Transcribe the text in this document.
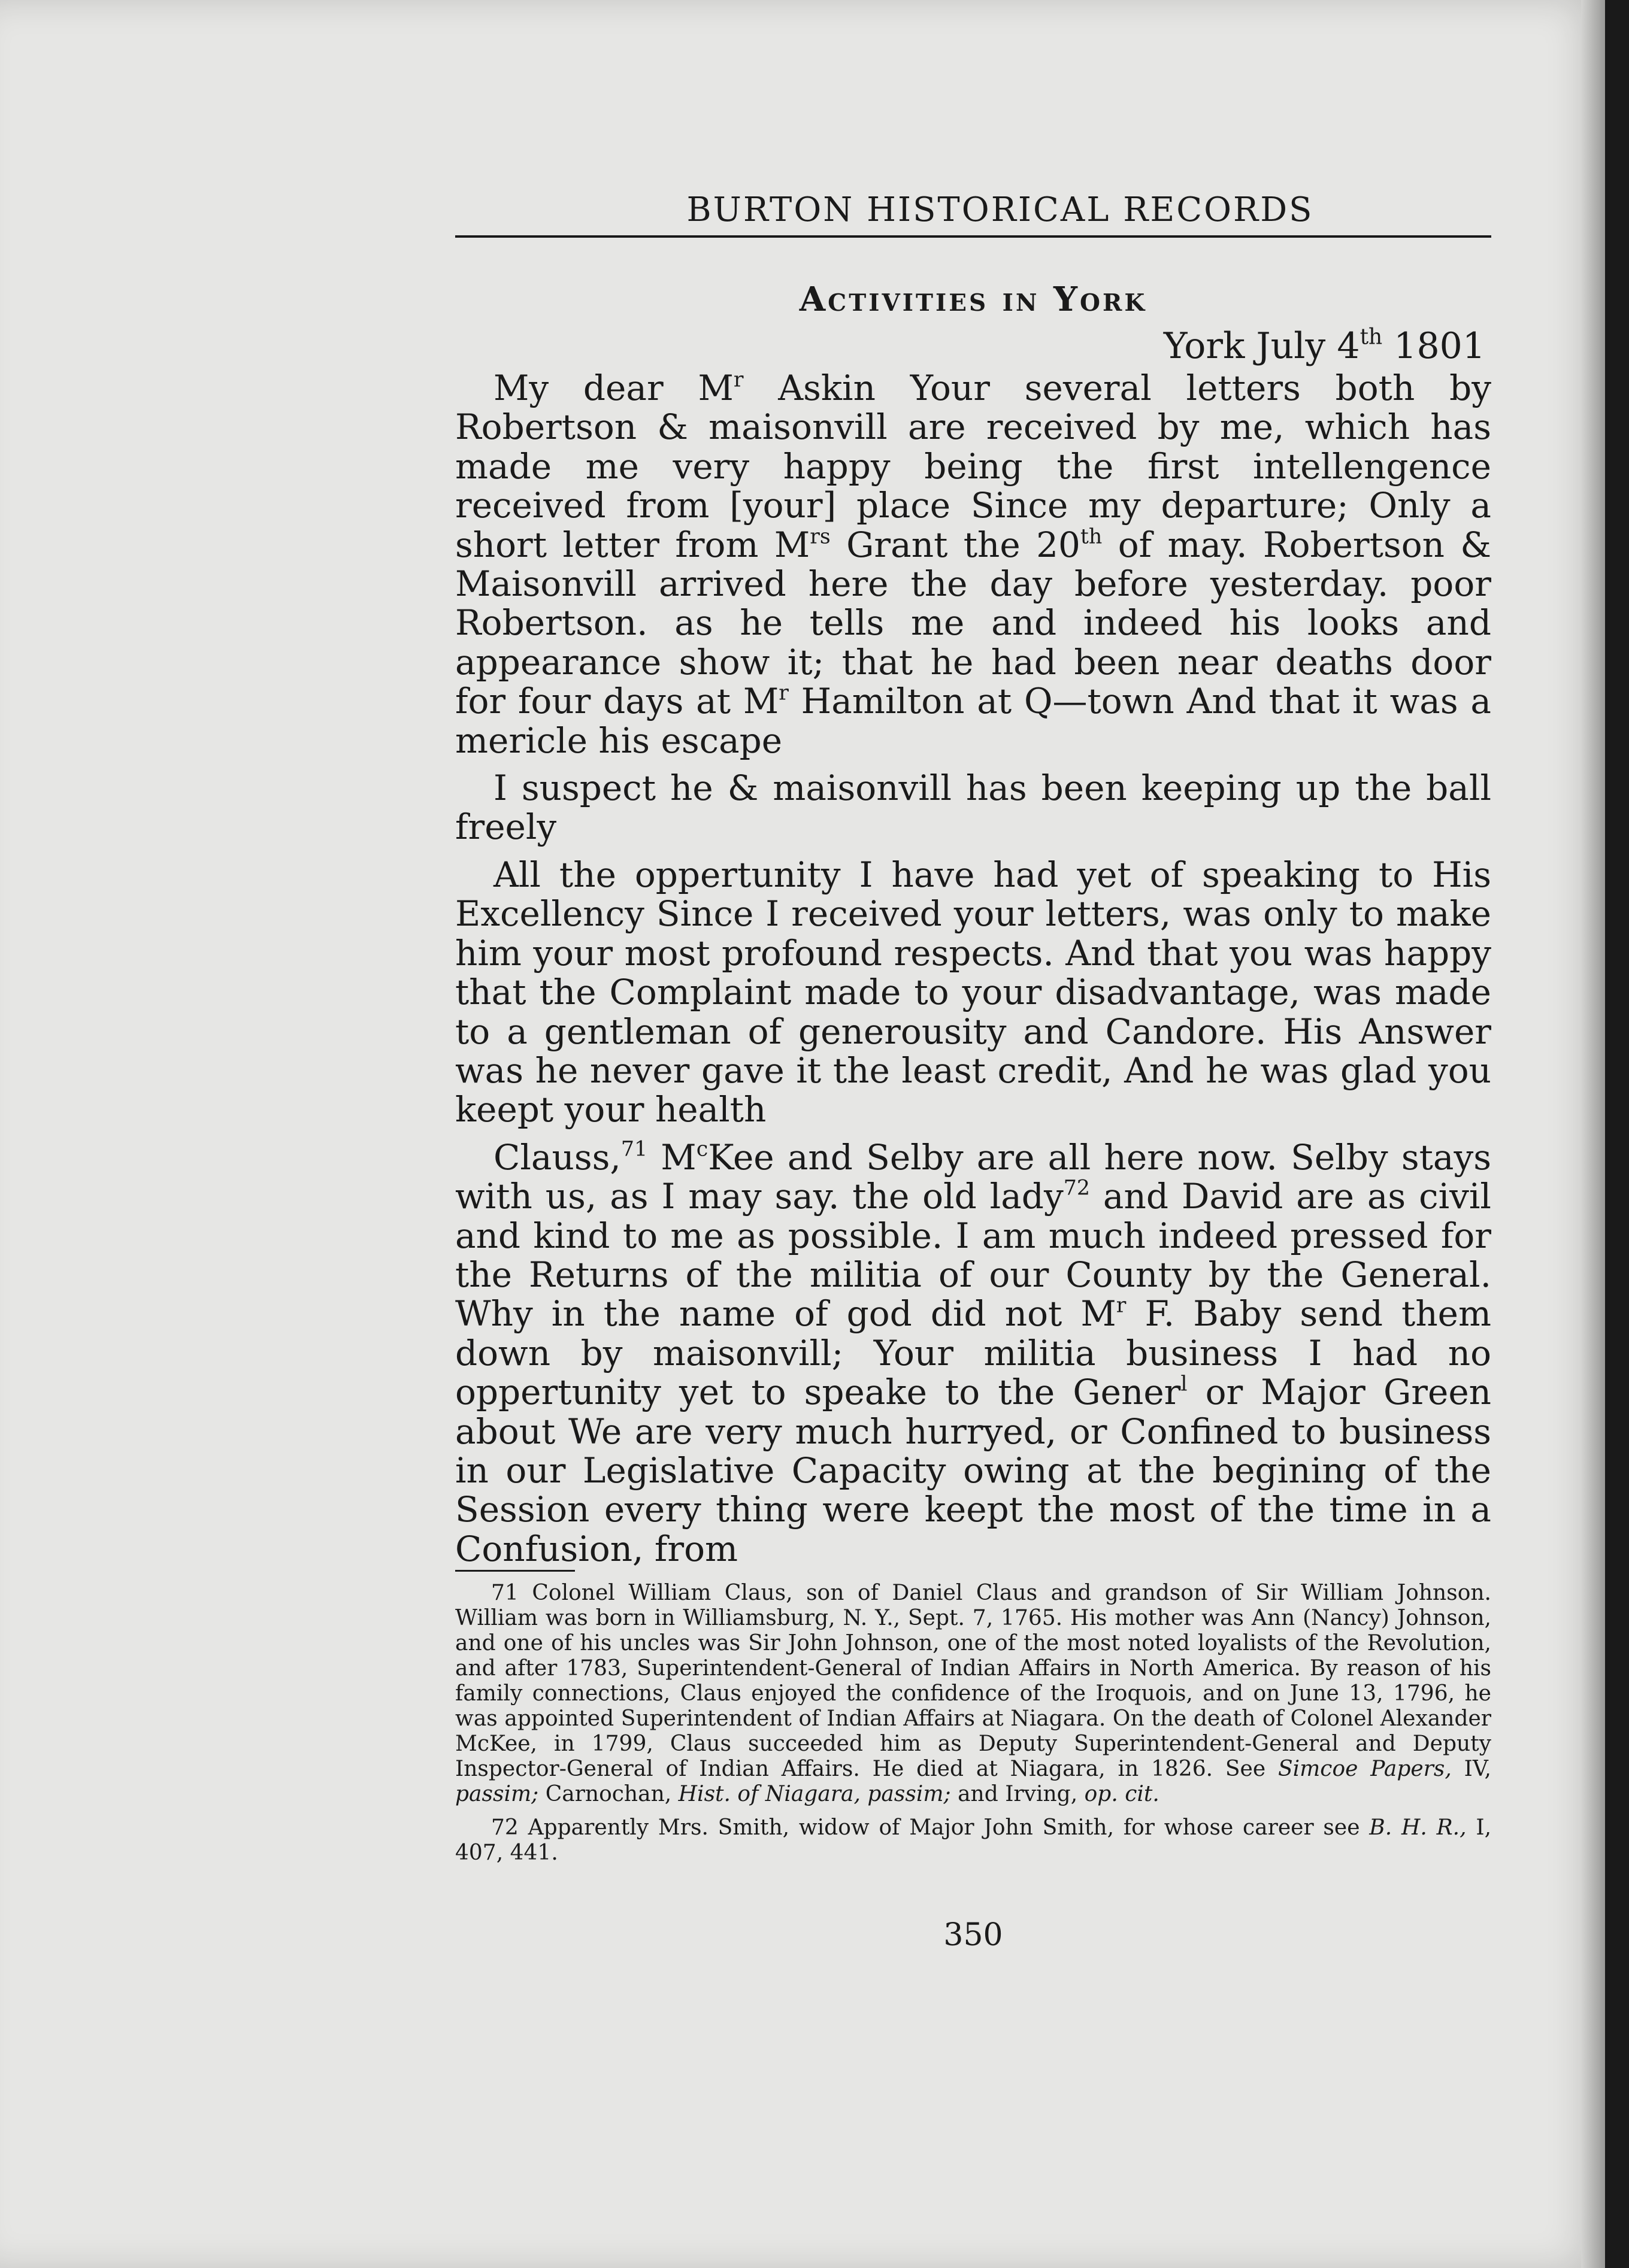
BURTON HISTORICAL RECORDS
Activities in York
York July 4th 1801

My dear $M^r$ Askin Your several letters both by Robertson & maisonvill are received by me, which has made me very happy being the first intellengence received from [your] place Since my departure; Only a short letter from $M^{rs}$ Grant the 20th of may. Robertson & Maisonvill arrived here the day before yesterday. poor Robertson. as he tells me and indeed his looks and appearance show it; that he had been near deaths door for four days at $M^r$ Hamilton at Q—town And that it was a mericle his escape

I suspect he & maisonvill has been keeping up the ball freely

All the oppertunity I have had yet of speaking to His Excellency Since I received your letters, was only to make him your most profound respects. And that you was happy that the Complaint made to your disadvantage, was made to a gentleman of generousity and Candore. His Answer was he never gave it the least credit, And he was glad you keept your health

Clauss,$^{71}$ $M^cKee$ and Selby are all here now. Selby stays with us, as I may say. the old lady$^{72}$ and David are as civil and kind to me as possible. I am much indeed pressed for the Returns of the militia of our County by the General. Why in the name of god did not $M^r$ F. Baby send them down by maisonvill; Your militia business I had no oppertunity yet to speake to the Gener$^l$ or Major Green about We are very much hurryed, or Confined to business in our Legislative Capacity owing at the begining of the Session every thing were keept the most of the time in a Confusion, from

71 Colonel William Claus, son of Daniel Claus and grandson of Sir William Johnson. William was born in Williamsburg, N. Y., Sept. 7, 1765. His mother was Ann (Nancy) Johnson, and one of his uncles was Sir John Johnson, one of the most noted loyalists of the Revolution, and after 1783, Superintendent-General of Indian Affairs in North America. By reason of his family connections, Claus enjoyed the confidence of the Iroquois, and on June 13, 1796, he was appointed Superintendent of Indian Affairs at Niagara. On the death of Colonel Alexander McKee, in 1799, Claus succeeded him as Deputy Superintendent-General and Deputy Inspector-General of Indian Affairs. He died at Niagara, in 1826. See Simcoe Papers, IV, passim; Carnochan, Hist. of Niagara, passim; and Irving, op. cit.

72 Apparently Mrs. Smith, widow of Major John Smith, for whose career see B. H. R., I, 407, 441.

350
